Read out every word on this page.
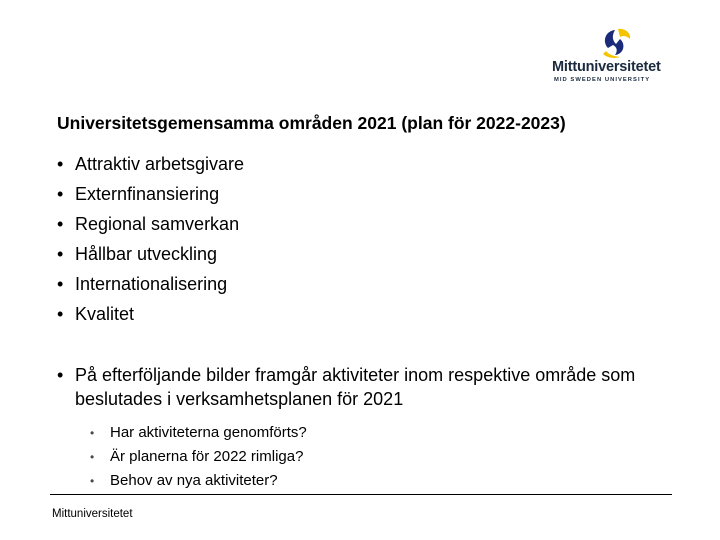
Mittuniversitetet
MID SWEDEN UNIVERSITY
Universitetsgemensamma områden 2021 (plan för 2022-2023)
• Attraktiv arbetsgivare
• Externfinansiering
• Regional samverkan
• Hållbar utveckling
• Internationalisering
• Kvalitet
• På efterföljande bilder framgår aktiviteter inom respektive område som beslutades i verksamhetsplanen för 2021
• Har aktiviteterna genomförts?
• Är planerna för 2022 rimliga?
• Behov av nya aktiviteter?
Mittuniversitetet
